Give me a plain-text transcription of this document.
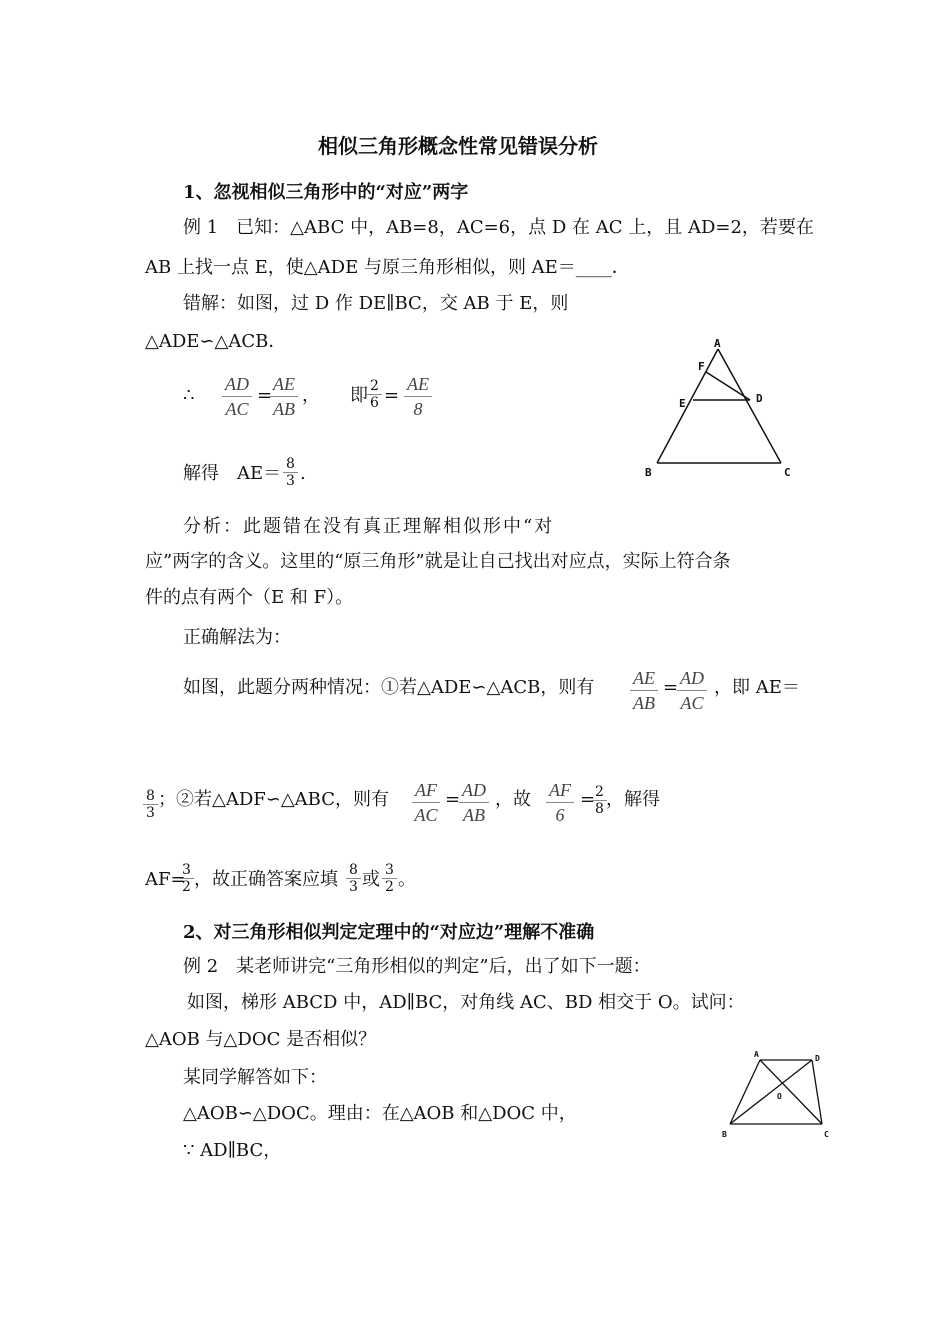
相似三角形概念性常见错误分析
1、忽视相似三角形中的“对应”两字
例 1　已知：△ABC 中，AB=8，AC=6，点 D 在 AC 上，且 AD=2，若要在
AB 上找一点 E，使△ADE 与原三角形相似，则 AE＝____．
错解：如图，过 D 作 DE∥BC，交 AB 于 E，则
△ADE∽△ACB．
∴ $\frac{AD}{AC}$ =
$\frac{AE}{AB}$ ， 即 $\frac{2}{6} = \frac{AE}{8}$
解得　$AE= \frac{8}{3}$ .
A
F
E	D
B	C
分析：此题错在没有真正理解相似形中“对
应”两字的含义。这里的“原三角形”就是让自己找出对应点，实际上符合条
件的点有两个（E 和 F）。
正确解法为：
如图，此题分两种情况：①若△ADE∽△ACB，则有 $\frac{AE}{AB}$ =
$\frac{AD}{AC}$ ，即 AE＝
$\frac{8}{3}$ ；②若△ADF∽△ABC，则有 $\frac{AF}{AC}$ =
$\frac{AD}{AB}$ ，故 $\frac{AF}{6}$ =
$\frac{2}{8}$ ，解得
AF=
$\frac{3}{2}$ ，故正确答案应填 $\frac{8}{3}$ 或 $\frac{3}{2}$ 。
2、对三角形相似判定定理中的“对应边”理解不准确
例 2　某老师讲完“三角形相似的判定”后，出了如下一题：
如图，梯形 ABCD 中，AD∥BC，对角线 AC、BD 相交于 O。试问：
△AOB 与△DOC 是否相似？
某同学解答如下：
△AOB∽△DOC。理由：在△AOB 和△DOC 中，
∵ AD∥BC，
A	D
O
B	C
